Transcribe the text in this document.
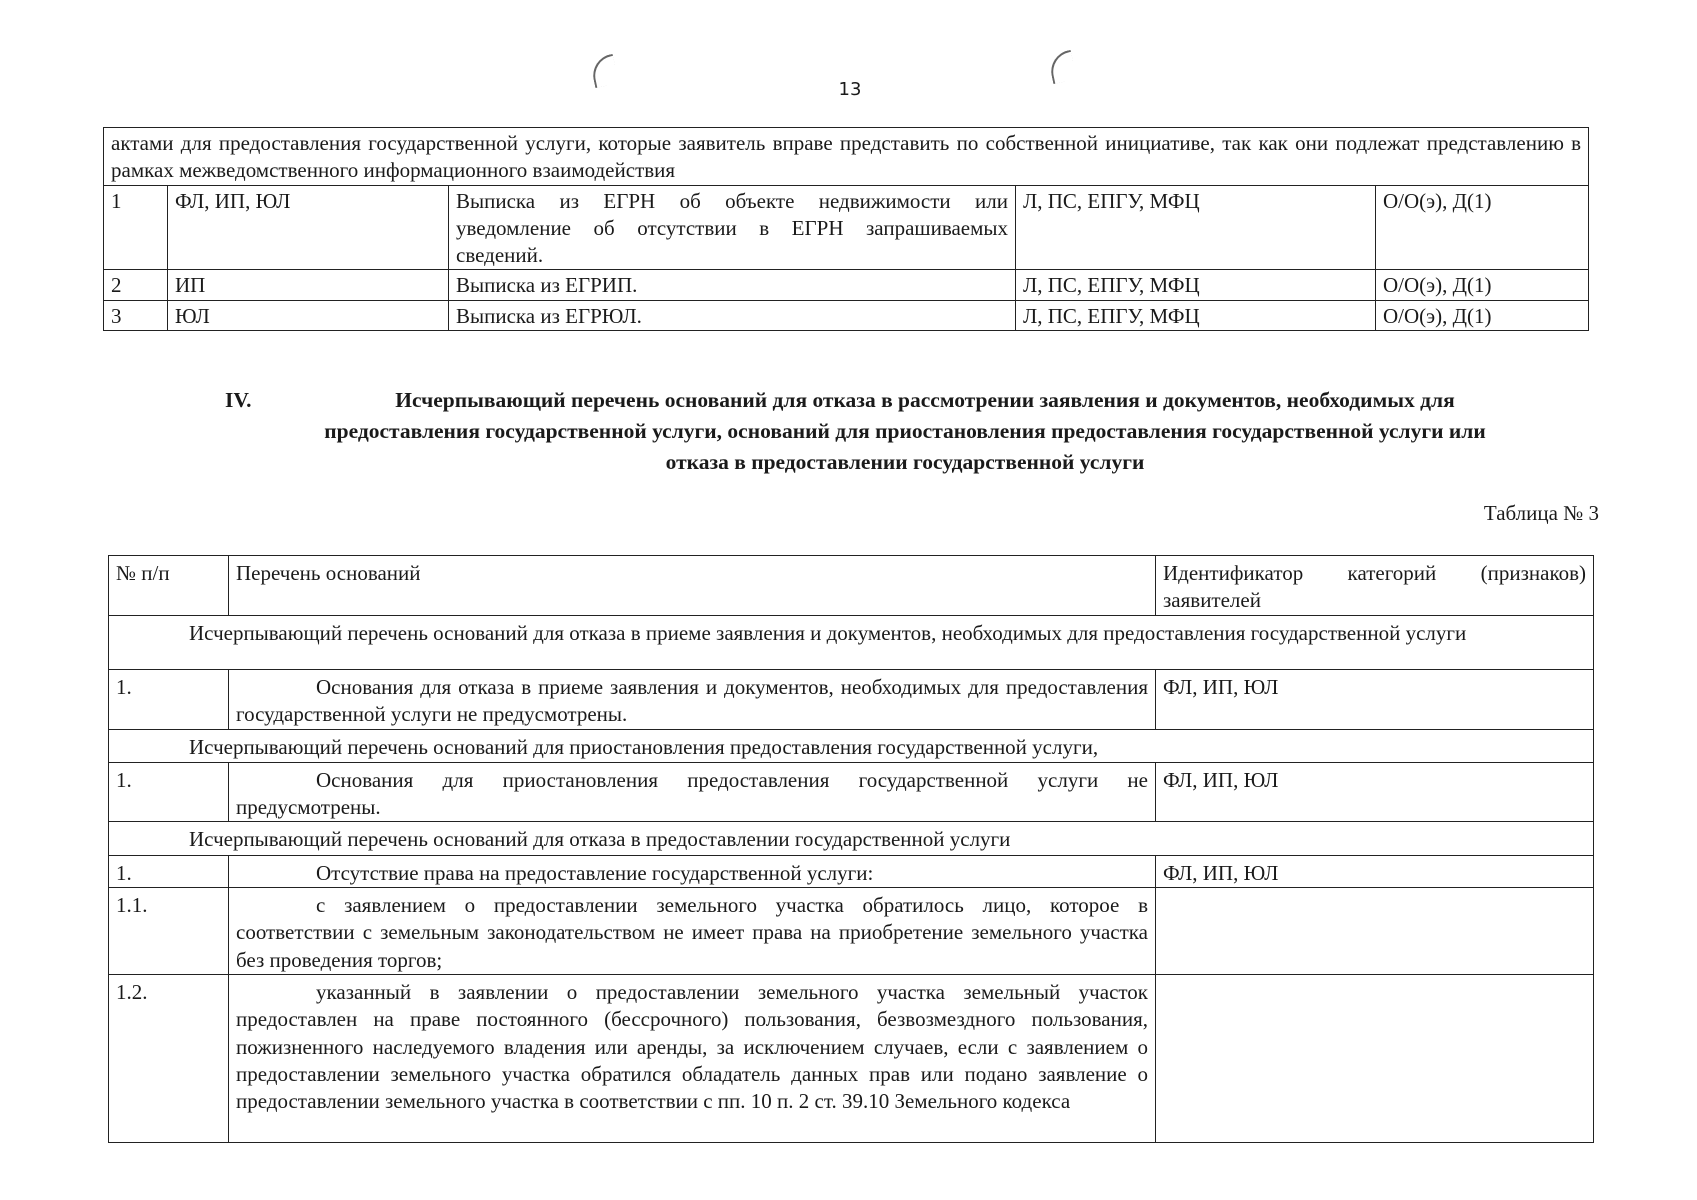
13
актами для предоставления государственной услуги, которые заявитель вправе представить по собственной инициативе, так как они подлежат представлению в рамках межведомственного информационного взаимодействия				
1	ФЛ, ИП, ЮЛ	Выписка из ЕГРН об объекте недвижимости или уведомление об отсутствии в ЕГРН запрашиваемых сведений.	Л, ПС, ЕПГУ, МФЦ	О/О(э), Д(1)
2	ИП	Выписка из ЕГРИП.	Л, ПС, ЕПГУ, МФЦ	О/О(э), Д(1)
3	ЮЛ	Выписка из ЕГРЮЛ.	Л, ПС, ЕПГУ, МФЦ	О/О(э), Д(1)
IV.	Исчерпывающий перечень оснований для отказа в рассмотрении заявления и документов, необходимых для
предоставления государственной услуги, оснований для приостановления предоставления государственной услуги или
отказа в предоставлении государственной услуги
Таблица № 3
№ п/п	Перечень оснований	Идентификатор категорий (признаков) заявителей
Исчерпывающий перечень оснований для отказа в приеме заявления и документов, необходимых для предоставления государственной услуги		
1.	Основания для отказа в приеме заявления и документов, необходимых для предоставления государственной услуги не предусмотрены.	ФЛ, ИП, ЮЛ
Исчерпывающий перечень оснований для приостановления предоставления государственной услуги,		
1.	Основания для приостановления предоставления государственной услуги не предусмотрены.	ФЛ, ИП, ЮЛ
Исчерпывающий перечень оснований для отказа в предоставлении государственной услуги		
1.	Отсутствие права на предоставление государственной услуги:	ФЛ, ИП, ЮЛ
1.1.	с заявлением о предоставлении земельного участка обратилось лицо, которое в соответствии с земельным законодательством не имеет права на приобретение земельного участка без проведения торгов;	
1.2.	указанный в заявлении о предоставлении земельного участка земельный участок предоставлен на праве постоянного (бессрочного) пользования, безвозмездного пользования, пожизненного наследуемого владения или аренды, за исключением случаев, если с заявлением о предоставлении земельного участка обратился обладатель данных прав или подано заявление о предоставлении земельного участка в соответствии с пп. 10 п. 2 ст. 39.10 Земельного кодекса	
